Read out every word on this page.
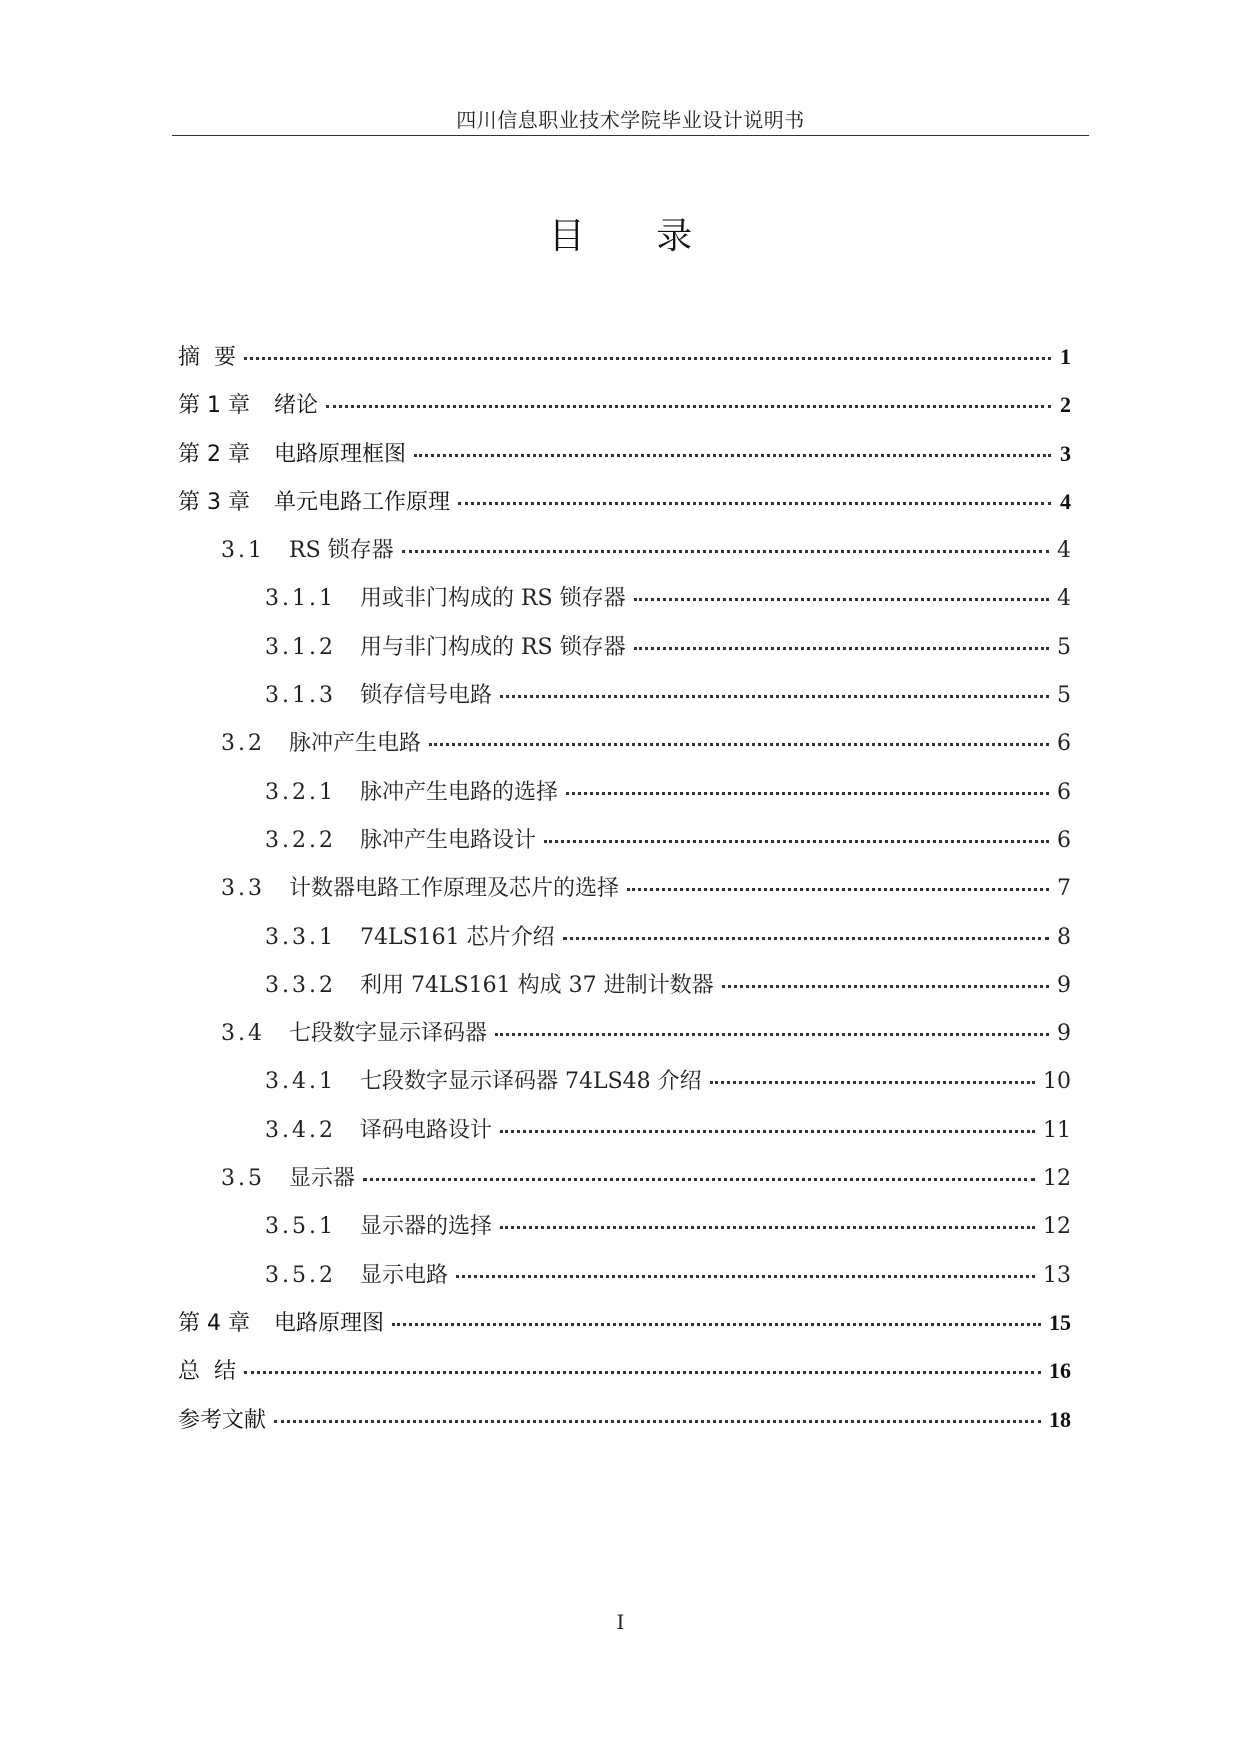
四川信息职业技术学院毕业设计说明书
目 录
摘  要	1
第 1 章 绪论	2
第 2 章 电路原理框图	3
第 3 章 单元电路工作原理	4
3.1 RS 锁存器	4
3.1.1 用或非门构成的 RS 锁存器	4
3.1.2 用与非门构成的 RS 锁存器	5
3.1.3 锁存信号电路	5
3.2 脉冲产生电路	6
3.2.1 脉冲产生电路的选择	6
3.2.2 脉冲产生电路设计	6
3.3 计数器电路工作原理及芯片的选择	7
3.3.1 74LS161 芯片介绍	8
3.3.2 利用 74LS161 构成 37 进制计数器	9
3.4 七段数字显示译码器	9
3.4.1 七段数字显示译码器 74LS48 介绍	10
3.4.2 译码电路设计	11
3.5 显示器	12
3.5.1 显示器的选择	12
3.5.2 显示电路	13
第 4 章 电路原理图	15
总  结	16
参考文献	18
I
